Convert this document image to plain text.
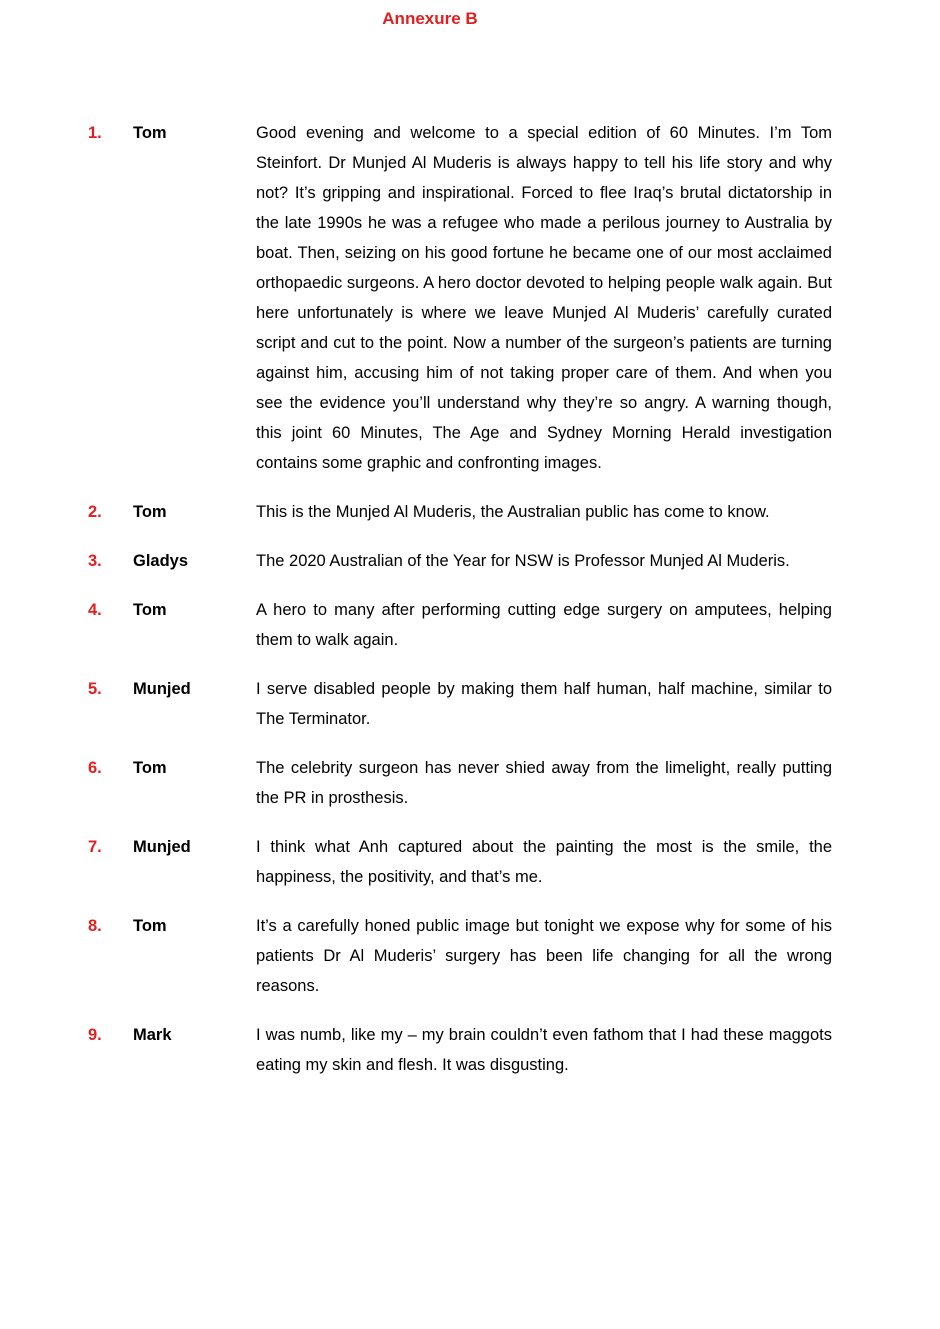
Annexure B
1. Tom	Good evening and welcome to a special edition of 60 Minutes. I’m Tom Steinfort. Dr Munjed Al Muderis is always happy to tell his life story and why not? It’s gripping and inspirational. Forced to flee Iraq’s brutal dictatorship in the late 1990s he was a refugee who made a perilous journey to Australia by boat. Then, seizing on his good fortune he became one of our most acclaimed orthopaedic surgeons. A hero doctor devoted to helping people walk again. But here unfortunately is where we leave Munjed Al Muderis’ carefully curated script and cut to the point. Now a number of the surgeon’s patients are turning against him, accusing him of not taking proper care of them. And when you see the evidence you’ll understand why they’re so angry. A warning though, this joint 60 Minutes, The Age and Sydney Morning Herald investigation contains some graphic and confronting images.
2. Tom	This is the Munjed Al Muderis, the Australian public has come to know.
3. Gladys	The 2020 Australian of the Year for NSW is Professor Munjed Al Muderis.
4. Tom	A hero to many after performing cutting edge surgery on amputees, helping them to walk again.
5. Munjed	I serve disabled people by making them half human, half machine, similar to The Terminator.
6. Tom	The celebrity surgeon has never shied away from the limelight, really putting the PR in prosthesis.
7. Munjed	I think what Anh captured about the painting the most is the smile, the happiness, the positivity, and that’s me.
8. Tom	It’s a carefully honed public image but tonight we expose why for some of his patients Dr Al Muderis’ surgery has been life changing for all the wrong reasons.
9. Mark	I was numb, like my – my brain couldn’t even fathom that I had these maggots eating my skin and flesh. It was disgusting.
